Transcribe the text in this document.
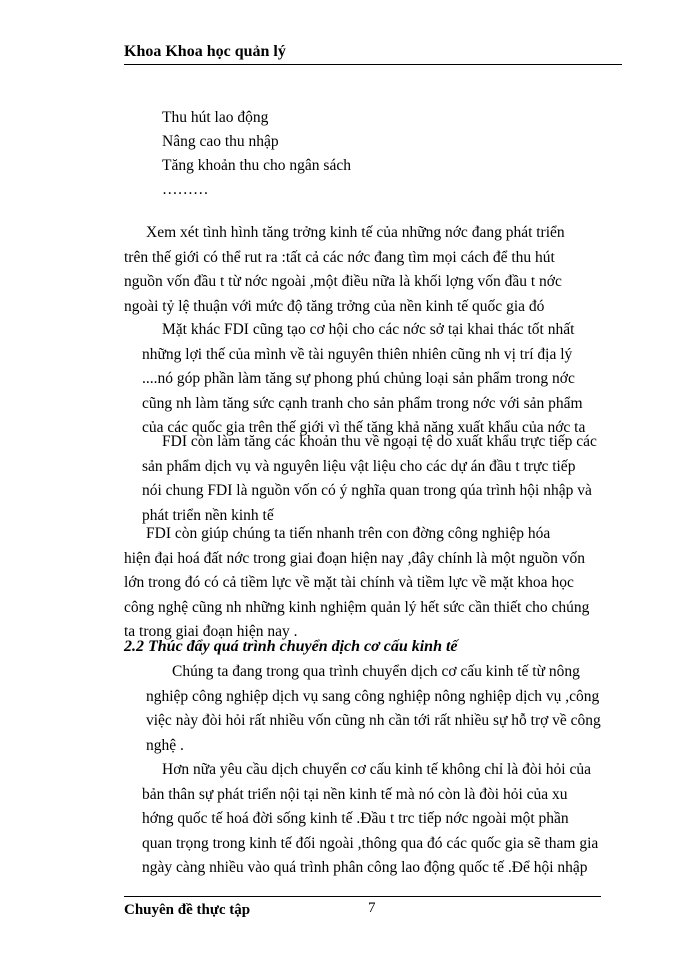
Khoa Khoa học quản lý
Thu hút lao động
Nâng cao thu nhập
Tăng khoản thu cho ngân sách
………
Xem xét tình hình tăng trởng kinh tế của những nớc đang phát triển
trên thế giới có thể rut ra :tất cả các nớc đang tìm mọi cách để thu hút
nguồn vốn đầu t từ nớc ngoài ,một điều nữa là khối lợng vốn đầu t nớc
ngoài tỷ lệ thuận với mức độ tăng trởng của nền kinh tế quốc gia đó
Mặt khác FDI cũng tạo cơ hội cho các nớc sở tại khai thác tốt nhất
những lợi thế của mình về tài nguyên thiên nhiên cũng nh vị trí địa lý
....nó góp phần làm tăng sự phong phú chủng loại sản phẩm trong nớc
cũng nh làm tăng sức cạnh tranh cho sản phẩm trong nớc với sản phẩm
của các quốc gia trên thế giới vì thế tăng khả năng xuất khẩu của nớc ta
FDI còn làm tăng các khoản thu về ngoại tệ do xuất khẩu trực tiếp các
sản phẩm dịch vụ và nguyên liệu vật liệu cho các dự án đầu t trực tiếp
nói chung FDI là nguồn vốn có ý nghĩa quan trong qúa trình hội nhập và
phát triển nền kinh tế
FDI còn giúp chúng ta tiến nhanh trên con đờng công nghiệp hóa
hiện đại hoá đất nớc trong giai đoạn hiện nay ,đây chính là một nguồn vốn
lớn trong đó có cả tiềm lực về mặt tài chính và tiềm lực về mặt khoa học
công nghệ cũng nh những kinh nghiệm quản lý hết sức cần thiết cho chúng
ta trong giai đoạn hiện nay .
2.2 Thúc đẩy quá trình chuyển dịch cơ cấu kinh tế
Chúng ta đang trong qua trình chuyển dịch cơ cấu kinh tế từ nông
nghiệp công nghiệp dịch vụ sang công nghiệp nông nghiệp dịch vụ ,công
việc này đòi hỏi rất nhiều vốn cũng nh cần tới rất nhiều sự hỗ trợ về công
nghệ .
Hơn nữa yêu cầu dịch chuyển cơ cấu kinh tế không chỉ là đòi hỏi của
bản thân sự phát triển nội tại nền kinh tế mà nó còn là đòi hỏi của xu
hớng quốc tế hoá đời sống kinh tế .Đầu t trc tiếp nớc ngoài một phần
quan trọng trong kinh tế đối ngoài ,thông qua đó các quốc gia sẽ tham gia
ngày càng nhiều vào quá trình phân công lao động quốc tế .Để hội nhập
Chuyên đề thực tập	7
